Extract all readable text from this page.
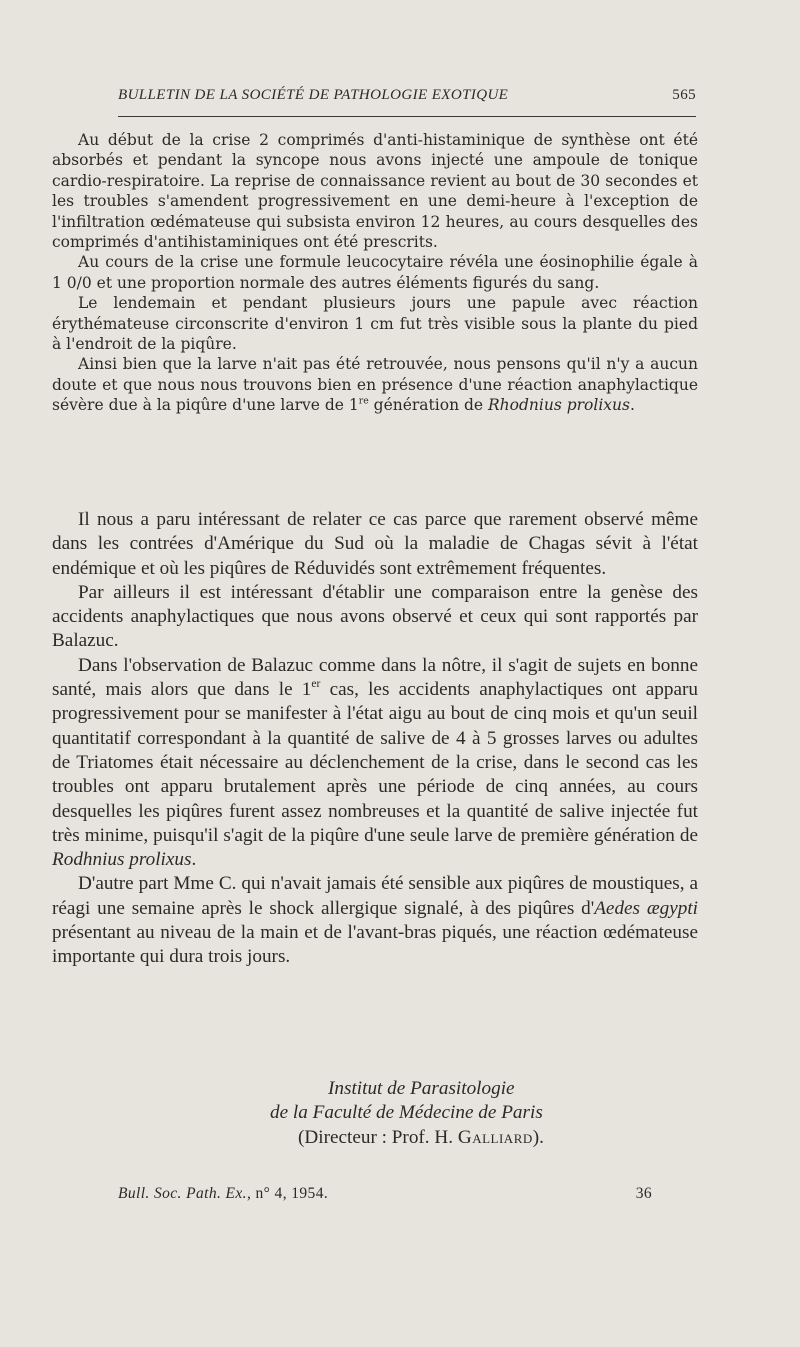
BULLETIN DE LA SOCIÉTÉ DE PATHOLOGIE EXOTIQUE	565

Au début de la crise 2 comprimés d'anti-histaminique de synthèse ont été absorbés et pendant la syncope nous avons injecté une ampoule de tonique cardio-respiratoire. La reprise de connaissance revient au bout de 30 secondes et les troubles s'amendent progressivement en une demi-heure à l'exception de l'infiltration œdémateuse qui subsista environ 12 heures, au cours desquelles des comprimés d'antihistaminiques ont été prescrits.

Au cours de la crise une formule leucocytaire révéla une éosinophilie égale à 1 0/0 et une proportion normale des autres éléments figurés du sang.

Le lendemain et pendant plusieurs jours une papule avec réaction érythémateuse circonscrite d'environ 1 cm fut très visible sous la plante du pied à l'endroit de la piqûre.

Ainsi bien que la larve n'ait pas été retrouvée, nous pensons qu'il n'y a aucun doute et que nous nous trouvons bien en présence d'une réaction anaphylactique sévère due à la piqûre d'une larve de 1re génération de Rhodnius prolixus.

Il nous a paru intéressant de relater ce cas parce que rarement observé même dans les contrées d'Amérique du Sud où la maladie de Chagas sévit à l'état endémique et où les piqûres de Réduvidés sont extrêmement fréquentes.

Par ailleurs il est intéressant d'établir une comparaison entre la genèse des accidents anaphylactiques que nous avons observé et ceux qui sont rapportés par Balazuc.

Dans l'observation de Balazuc comme dans la nôtre, il s'agit de sujets en bonne santé, mais alors que dans le 1er cas, les accidents anaphylactiques ont apparu progressivement pour se manifester à l'état aigu au bout de cinq mois et qu'un seuil quantitatif correspondant à la quantité de salive de 4 à 5 grosses larves ou adultes de Triatomes était nécessaire au déclenchement de la crise, dans le second cas les troubles ont apparu brutalement après une période de cinq années, au cours desquelles les piqûres furent assez nombreuses et la quantité de salive injectée fut très minime, puisqu'il s'agit de la piqûre d'une seule larve de première génération de Rodhnius prolixus.

D'autre part Mme C. qui n'avait jamais été sensible aux piqûres de moustiques, a réagi une semaine après le shock allergique signalé, à des piqûres d'Aedes ægypti présentant au niveau de la main et de l'avant-bras piqués, une réaction œdémateuse importante qui dura trois jours.

Institut de Parasitologie
de la Faculté de Médecine de Paris
(Directeur : Prof. H. Galliard).
Bull. Soc. Path. Ex., n° 4, 1954.	36
